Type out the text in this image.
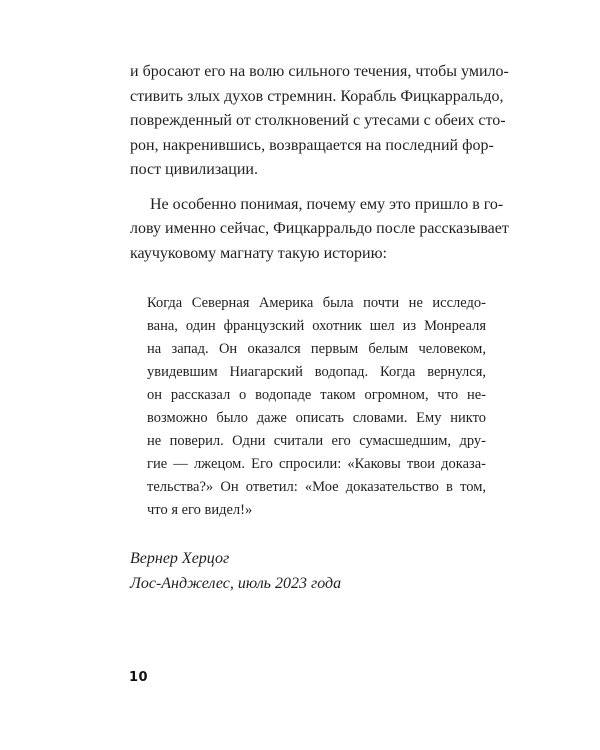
и бросают его на волю сильного течения, чтобы умило-
стивить злых духов стремнин. Корабль Фицкарральдо,
поврежденный от столкновений с утесами с обеих сто-
рон, накренившись, возвращается на последний фор-
пост цивилизации.

Не особенно понимая, почему ему это пришло в го-
лову именно сейчас, Фицкарральдо после рассказывает
каучуковому магнату такую историю:

Когда Северная Америка была почти не исследо-
вана, один французский охотник шел из Монреаля
на запад. Он оказался первым белым человеком,
увидевшим Ниагарский водопад. Когда вернулся,
он рассказал о водопаде таком огромном, что не-
возможно было даже описать словами. Ему никто
не поверил. Одни считали его сумасшедшим, дру-
гие — лжецом. Его спросили: «Каковы твои доказа-
тельства?» Он ответил: «Мое доказательство в том,
что я его видел!»
Вернер Херцог
Лос-Анджелес, июль 2023 года
10
